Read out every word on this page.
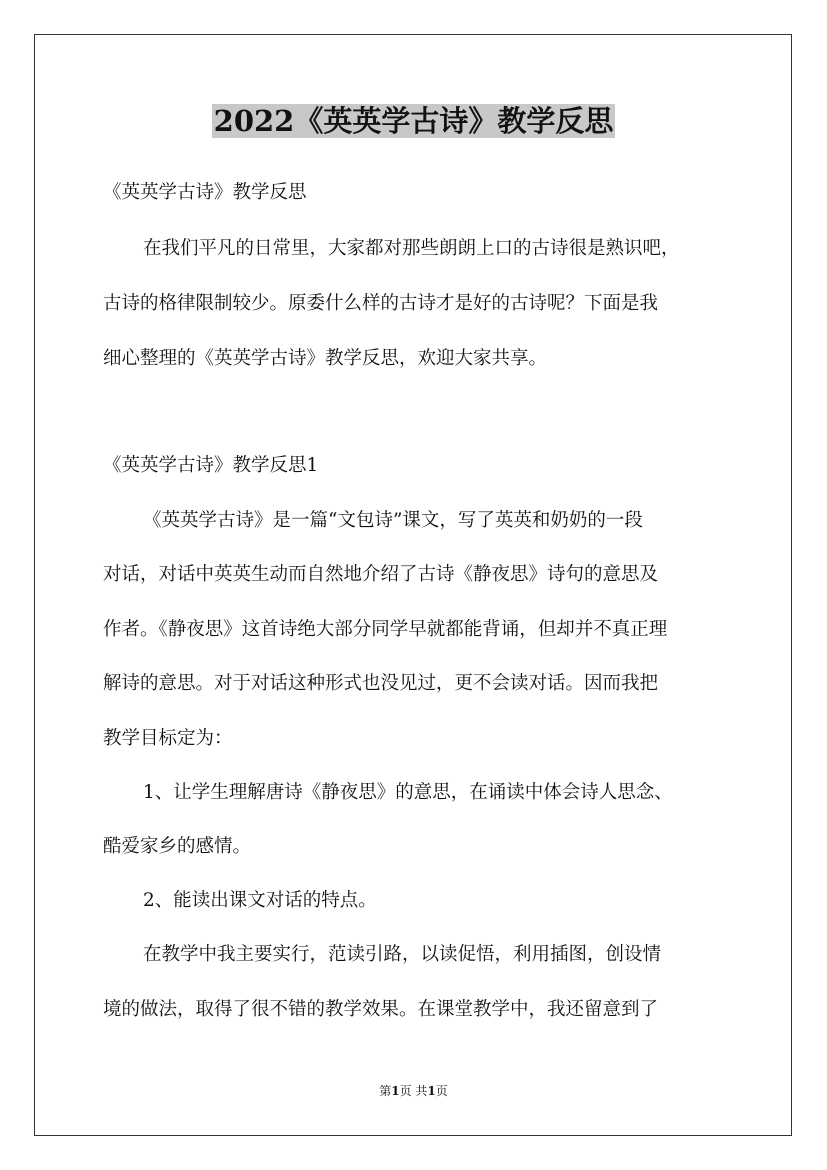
2022《英英学古诗》教学反思

《英英学古诗》教学反思

在我们平凡的日常里，大家都对那些朗朗上口的古诗很是熟识吧，

古诗的格律限制较少。原委什么样的古诗才是好的古诗呢？下面是我

细心整理的《英英学古诗》教学反思，欢迎大家共享。

《英英学古诗》教学反思1

《英英学古诗》是一篇“文包诗”课文，写了英英和奶奶的一段

对话，对话中英英生动而自然地介绍了古诗《静夜思》诗句的意思及

作者。《静夜思》这首诗绝大部分同学早就都能背诵，但却并不真正理

解诗的意思。对于对话这种形式也没见过，更不会读对话。因而我把

教学目标定为：

1、让学生理解唐诗《静夜思》的意思，在诵读中体会诗人思念、

酷爱家乡的感情。

2、能读出课文对话的特点。

在教学中我主要实行，范读引路，以读促悟，利用插图，创设情

境的做法，取得了很不错的教学效果。在课堂教学中，我还留意到了

第1页 共1页
